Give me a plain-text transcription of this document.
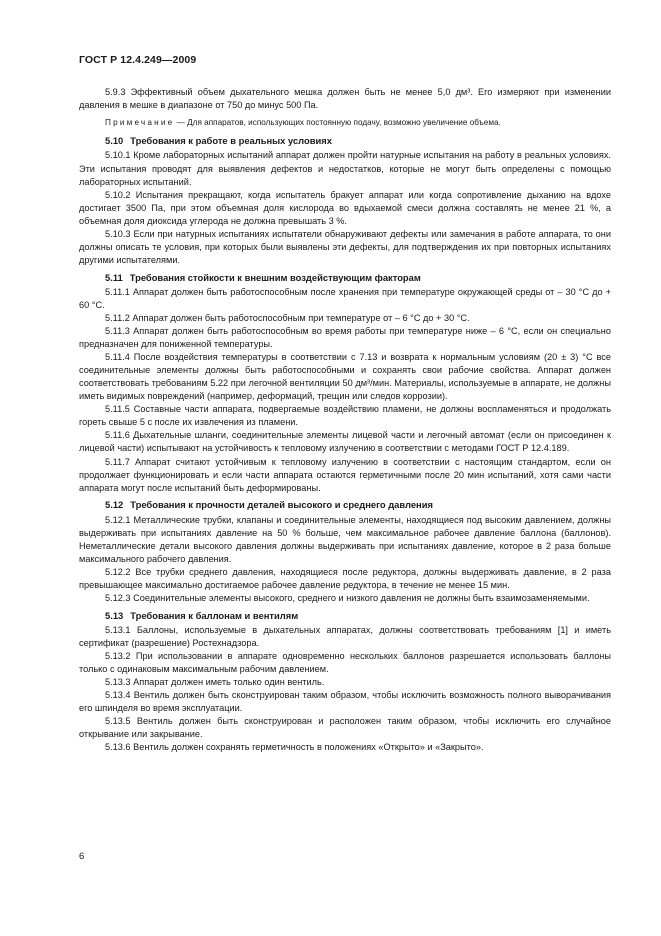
ГОСТ Р 12.4.249—2009

5.9.3 Эффективный объем дыхательного мешка должен быть не менее 5,0 дм³. Его измеряют при изменении давления в мешке в диапазоне от 750 до минус 500 Па.

Примечание — Для аппаратов, использующих постоянную подачу, возможно увеличение объема.

5.10 Требования к работе в реальных условиях

5.10.1 Кроме лабораторных испытаний аппарат должен пройти натурные испытания на работу в реальных условиях. Эти испытания проводят для выявления дефектов и недостатков, которые не могут быть определены с помощью лабораторных испытаний.

5.10.2 Испытания прекращают, когда испытатель бракует аппарат или когда сопротивление дыханию на вдохе достигает 3500 Па, при этом объемная доля кислорода во вдыхаемой смеси должна составлять не менее 21 %, а объемная доля диоксида углерода не должна превышать 3 %.

5.10.3 Если при натурных испытаниях испытатели обнаруживают дефекты или замечания в работе аппарата, то они должны описать те условия, при которых были выявлены эти дефекты, для подтверждения их при повторных испытаниях другими испытателями.

5.11 Требования стойкости к внешним воздействующим факторам

5.11.1 Аппарат должен быть работоспособным после хранения при температуре окружающей среды от – 30 °С до + 60 °С.

5.11.2 Аппарат должен быть работоспособным при температуре от – 6 °С до + 30 °С.

5.11.3 Аппарат должен быть работоспособным во время работы при температуре ниже – 6 °С, если он специально предназначен для пониженной температуры.

5.11.4 После воздействия температуры в соответствии с 7.13 и возврата к нормальным условиям (20 ± 3) °С все соединительные элементы должны быть работоспособными и сохранять свои рабочие свойства. Аппарат должен соответствовать требованиям 5.22 при легочной вентиляции 50 дм³/мин. Материалы, используемые в аппарате, не должны иметь видимых повреждений (например, деформаций, трещин или следов коррозии).

5.11.5 Составные части аппарата, подвергаемые воздействию пламени, не должны воспламеняться и продолжать гореть свыше 5 с после их извлечения из пламени.

5.11.6 Дыхательные шланги, соединительные элементы лицевой части и легочный автомат (если он присоединен к лицевой части) испытывают на устойчивость к тепловому излучению в соответствии с методами ГОСТ Р 12.4.189.

5.11.7 Аппарат считают устойчивым к тепловому излучению в соответствии с настоящим стандартом, если он продолжает функционировать и если части аппарата остаются герметичными после 20 мин испытаний, хотя сами части аппарата могут после испытаний быть деформированы.

5.12 Требования к прочности деталей высокого и среднего давления

5.12.1 Металлические трубки, клапаны и соединительные элементы, находящиеся под высоким давлением, должны выдерживать при испытаниях давление на 50 % больше, чем максимальное рабочее давление баллона (баллонов). Неметаллические детали высокого давления должны выдерживать при испытаниях давление, которое в 2 раза больше максимального рабочего давления.

5.12.2 Все трубки среднего давления, находящиеся после редуктора, должны выдерживать давление, в 2 раза превышающее максимально достигаемое рабочее давление редуктора, в течение не менее 15 мин.

5.12.3 Соединительные элементы высокого, среднего и низкого давления не должны быть взаимозаменяемыми.

5.13 Требования к баллонам и вентилям

5.13.1 Баллоны, используемые в дыхательных аппаратах, должны соответствовать требованиям [1] и иметь сертификат (разрешение) Ростехнадзора.

5.13.2 При использовании в аппарате одновременно нескольких баллонов разрешается использовать баллоны только с одинаковым максимальным рабочим давлением.

5.13.3 Аппарат должен иметь только один вентиль.

5.13.4 Вентиль должен быть сконструирован таким образом, чтобы исключить возможность полного выворачивания его шпинделя во время эксплуатации.

5.13.5 Вентиль должен быть сконструирован и расположен таким образом, чтобы исключить его случайное открывание или закрывание.

5.13.6 Вентиль должен сохранять герметичность в положениях «Открыто» и «Закрыто».

6
